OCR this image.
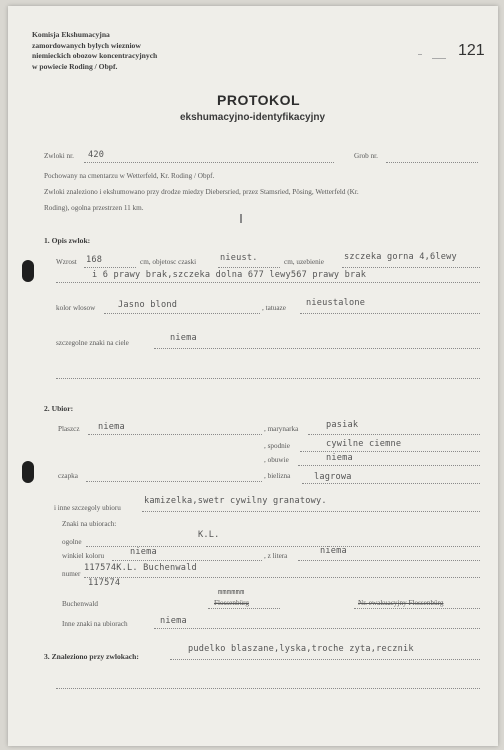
Komisja Ekshumacyjna
zamordowanych bylych wiezniow
niemieckich obozow koncentracyjnych
w powiecie Roding / Obpf.
121
PROTOKOL
ekshumacyjno-identyfikacyjny
Zwloki nr. 420	Grob nr.
Pochowany na cmentarzu w Wetterfeld, Kr. Roding / Obpf.
Zwloki znaleziono i ekshumowano przy drodze miedzy Diebersried, przez Stamsried, Pösing, Wetterfeld (Kr.
Roding), ogolna przestrzen 11 km.
1. Opis zwlok:
Wzrost 168	cm, objetosc czaski	nieust.	cm, uzebienie szczeka gorna 4,6lewy
i 6 prawy brak,szczeka dolna 677 lewy567 prawy brak
kolor wlosow	Jasno blond	, tatuaze nieustalone
szczegolne znaki na ciele	niema
2. Ubior:
Plaszcz niema	, marynarka	pasiak
, spodnie	cywilne ciemne
, obuwie	niema
czapka	, bielizna	lagrowa
i inne szczegoly ubioru
kamizelka,swetr cywilny granatowy.
Znaki na ubiorach:
ogolne
K.L.
winkiel koloru	niema	, z litera	niema
numer
117574K.L. Buchenwald
117574
Buchenwald
mmmmmm
Flossenbürg	Nr. ewakuacyjny Flossenbürg
Inne znaki na ubiorach	niema
3. Znaleziono przy zwlokach:
pudelko blaszane,lyska,troche zyta,recznik
